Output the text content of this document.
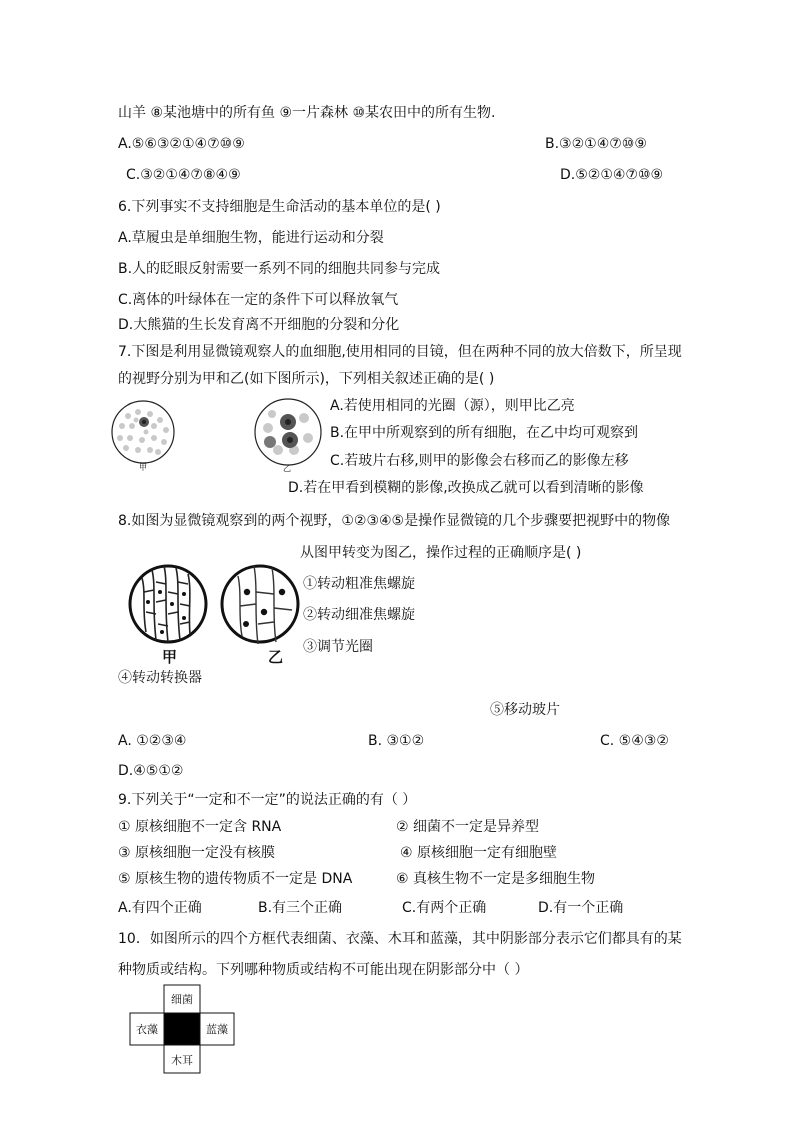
山羊 ⑧某池塘中的所有鱼 ⑨一片森林 ⑩某农田中的所有生物.
A.⑤⑥③②①④⑦⑩⑨	B.③②①④⑦⑩⑨
C.③②①④⑦⑧④⑨	D.⑤②①④⑦⑩⑨
6.下列事实不支持细胞是生命活动的基本单位的是( )
A.草履虫是单细胞生物，能进行运动和分裂
B.人的眨眼反射需要一系列不同的细胞共同参与完成
C.离体的叶绿体在一定的条件下可以释放氧气
D.大熊猫的生长发育离不开细胞的分裂和分化
7.下图是利用显微镜观察人的血细胞,使用相同的目镜，但在两种不同的放大倍数下，所呈现
的视野分别为甲和乙(如下图所示)，下列相关叙述正确的是( )
甲	乙
A.若使用相同的光圈（源），则甲比乙亮
B.在甲中所观察到的所有细胞，在乙中均可观察到
C.若玻片右移,则甲的影像会右移而乙的影像左移
D.若在甲看到模糊的影像,改换成乙就可以看到清晰的影像
8.如图为显微镜观察到的两个视野，①②③④⑤是操作显微镜的几个步骤要把视野中的物像
从图甲转变为图乙，操作过程的正确顺序是( )
甲	乙
①转动粗准焦螺旋
②转动细准焦螺旋
③调节光圈
④转动转换器
⑤移动玻片
A. ①②③④	B. ③①②	C. ⑤④③②
D.④⑤①②
9.下列关于“一定和不一定”的说法正确的有（ ）
① 原核细胞不一定含 RNA	② 细菌不一定是异养型
③ 原核细胞一定没有核膜	④ 原核细胞一定有细胞壁
⑤ 原核生物的遗传物质不一定是 DNA	⑥ 真核生物不一定是多细胞生物
A.有四个正确	B.有三个正确	C.有两个正确	D.有一个正确
10．如图所示的四个方框代表细菌、衣藻、木耳和蓝藻，其中阴影部分表示它们都具有的某
种物质或结构。下列哪种物质或结构不可能出现在阴影部分中（ ）
细菌
衣藻	蓝藻
木耳
